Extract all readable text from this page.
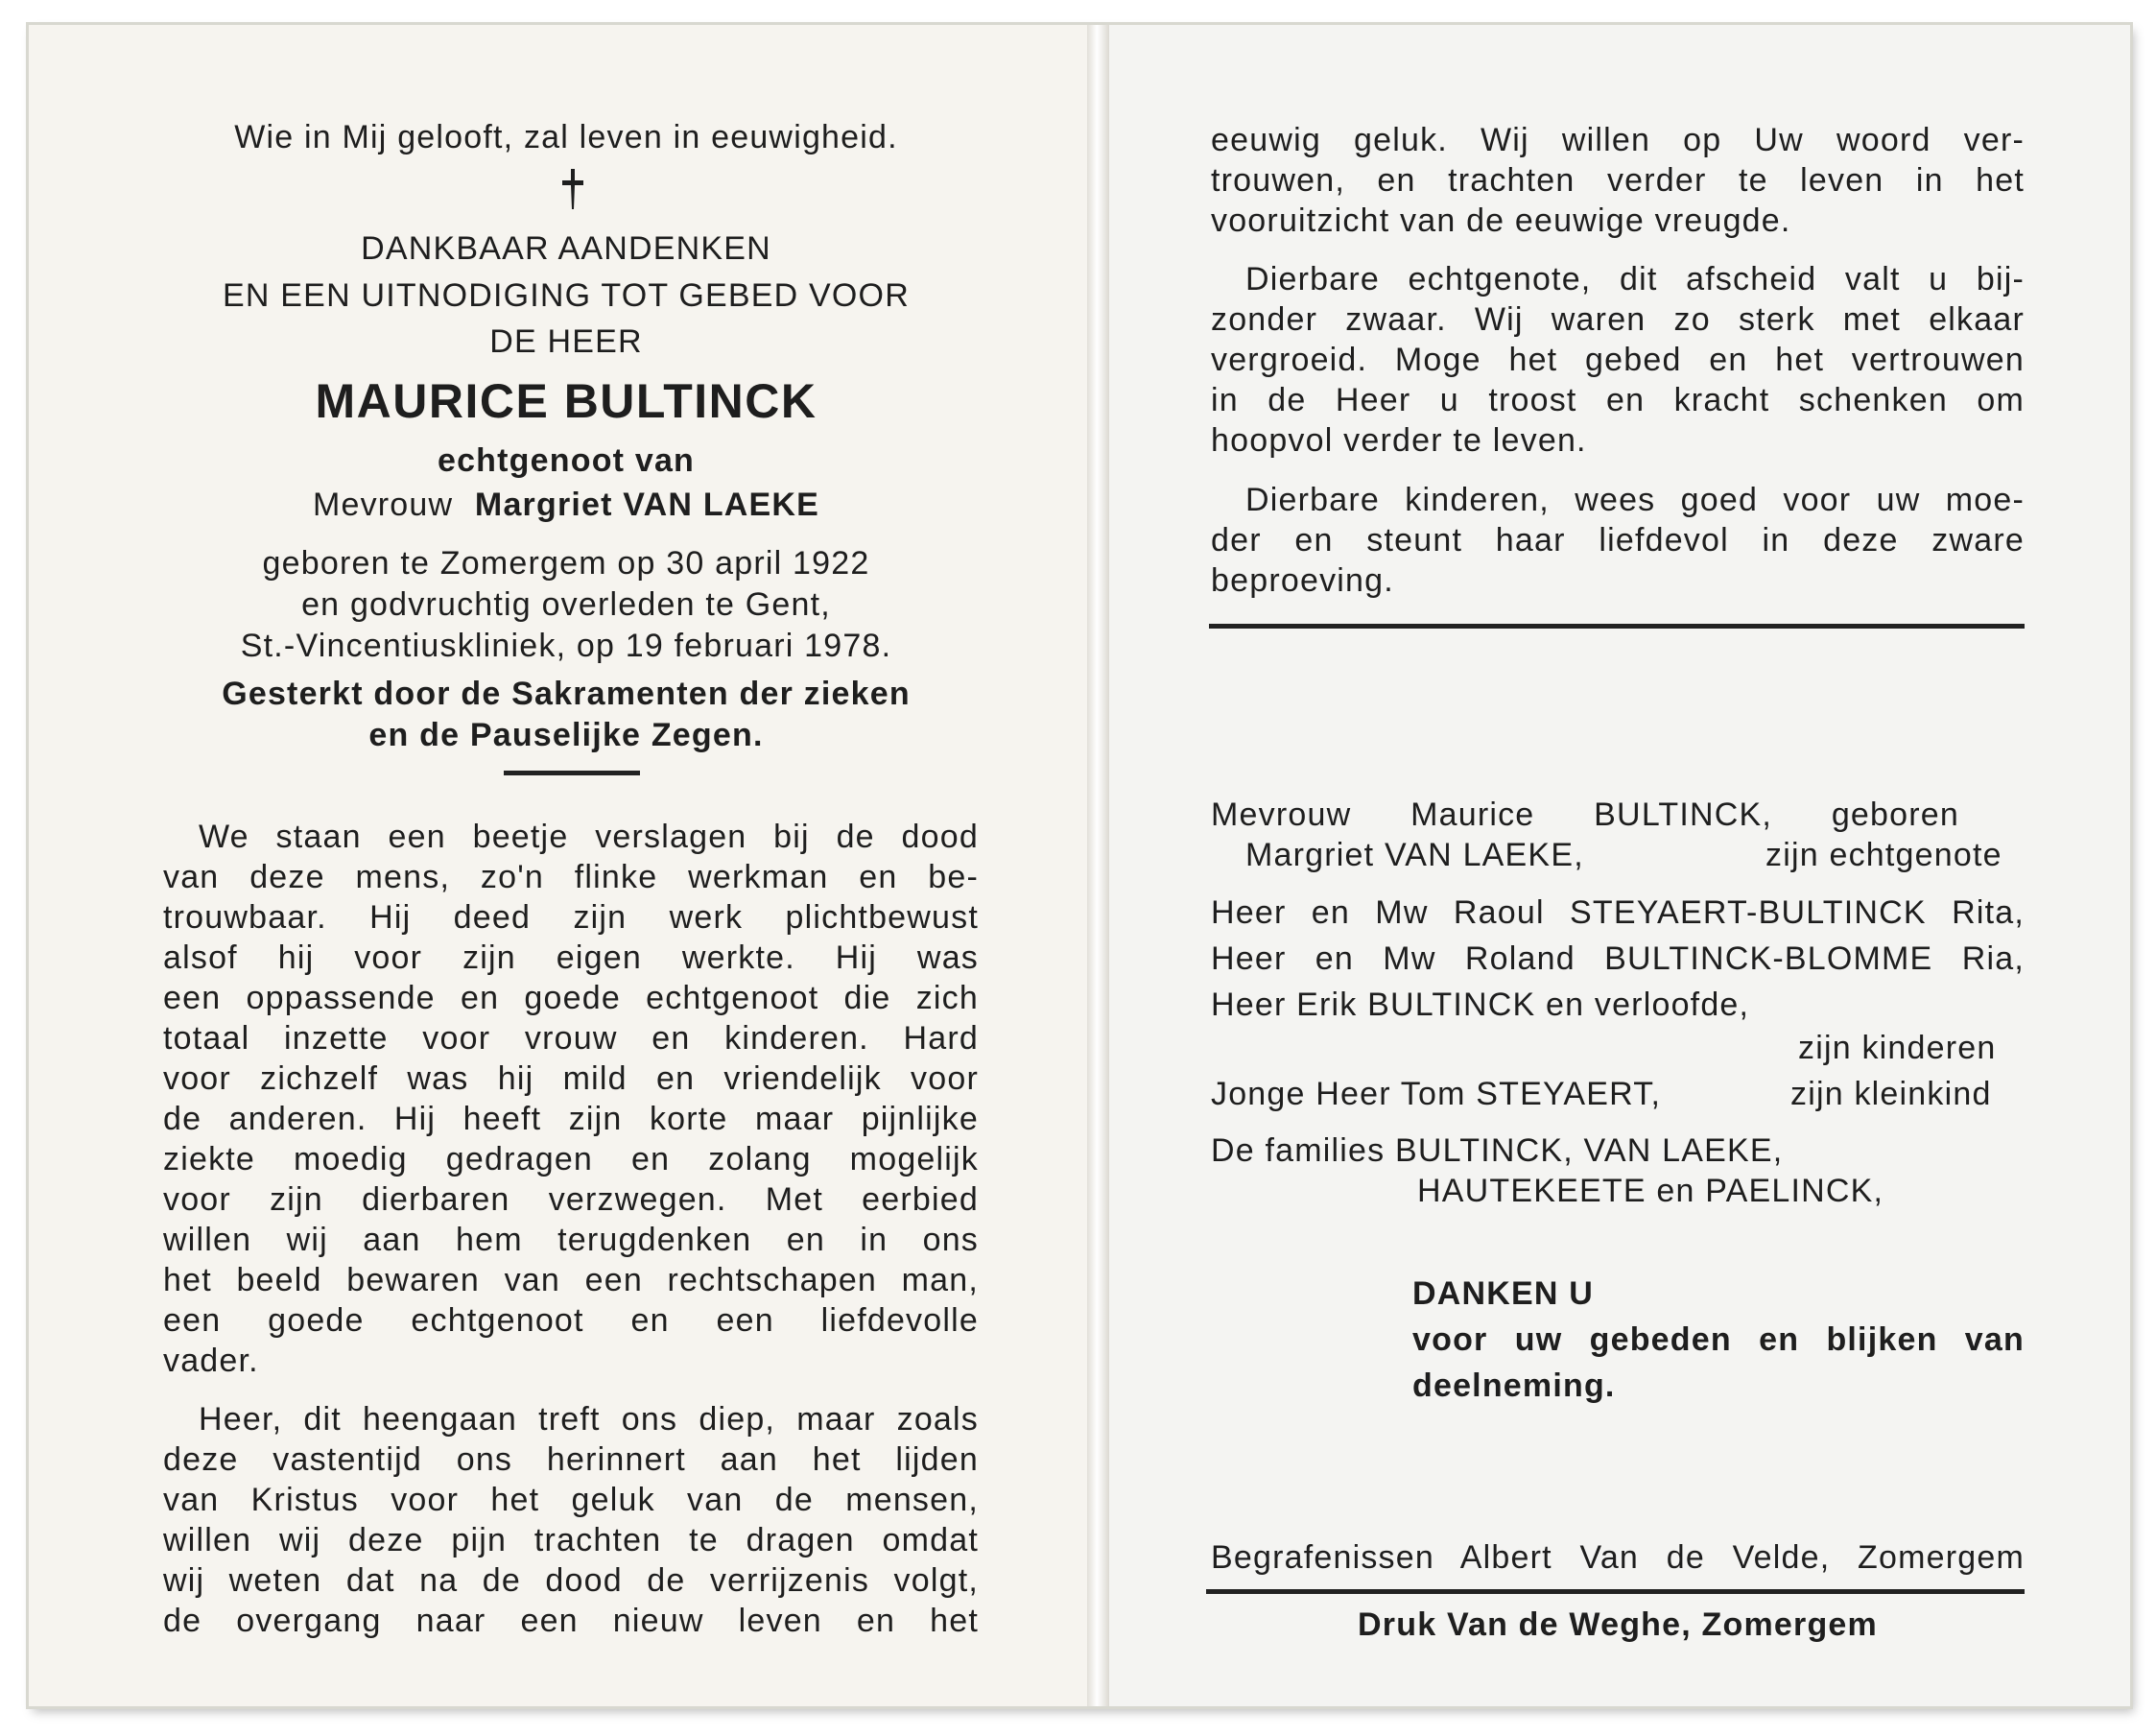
Wie in Mij gelooft, zal leven in eeuwigheid.
DANKBAAR AANDENKEN
EN EEN UITNODIGING TOT GEBED VOOR
DE HEER
MAURICE BULTINCK
echtgenoot van
Mevrouw Margriet VAN LAEKE
geboren te Zomergem op 30 april 1922
en godvruchtig overleden te Gent,
St.-Vincentiuskliniek, op 19 februari 1978.
Gesterkt door de Sakramenten der zieken
en de Pauselijke Zegen.
We staan een beetje verslagen bij de dood
van deze mens, zo'n flinke werkman en be-
trouwbaar. Hij deed zijn werk plichtbewust
alsof hij voor zijn eigen werkte. Hij was
een oppassende en goede echtgenoot die zich
totaal inzette voor vrouw en kinderen. Hard
voor zichzelf was hij mild en vriendelijk voor
de anderen. Hij heeft zijn korte maar pijnlijke
ziekte moedig gedragen en zolang mogelijk
voor zijn dierbaren verzwegen. Met eerbied
willen wij aan hem terugdenken en in ons
het beeld bewaren van een rechtschapen man,
een goede echtgenoot en een liefdevolle
vader.
Heer, dit heengaan treft ons diep, maar zoals
deze vastentijd ons herinnert aan het lijden
van Kristus voor het geluk van de mensen,
willen wij deze pijn trachten te dragen omdat
wij weten dat na de dood de verrijzenis volgt,
de overgang naar een nieuw leven en het
eeuwig geluk. Wij willen op Uw woord ver-
trouwen, en trachten verder te leven in het
vooruitzicht van de eeuwige vreugde.
Dierbare echtgenote, dit afscheid valt u bij-
zonder zwaar. Wij waren zo sterk met elkaar
vergroeid. Moge het gebed en het vertrouwen
in de Heer u troost en kracht schenken om
hoopvol verder te leven.
Dierbare kinderen, wees goed voor uw moe-
der en steunt haar liefdevol in deze zware
beproeving.
Mevrouw Maurice BULTINCK, geboren
Margriet VAN LAEKE,	zijn echtgenote
Heer en Mw Raoul STEYAERT-BULTINCK Rita,
Heer en Mw Roland BULTINCK-BLOMME Ria,
Heer Erik BULTINCK en verloofde,
zijn kinderen
Jonge Heer Tom STEYAERT,	zijn kleinkind
De families BULTINCK, VAN LAEKE,
HAUTEKEETE en PAELINCK,
DANKEN U
voor uw gebeden en blijken van
deelneming.
Begrafenissen Albert Van de Velde, Zomergem
Druk Van de Weghe, Zomergem
